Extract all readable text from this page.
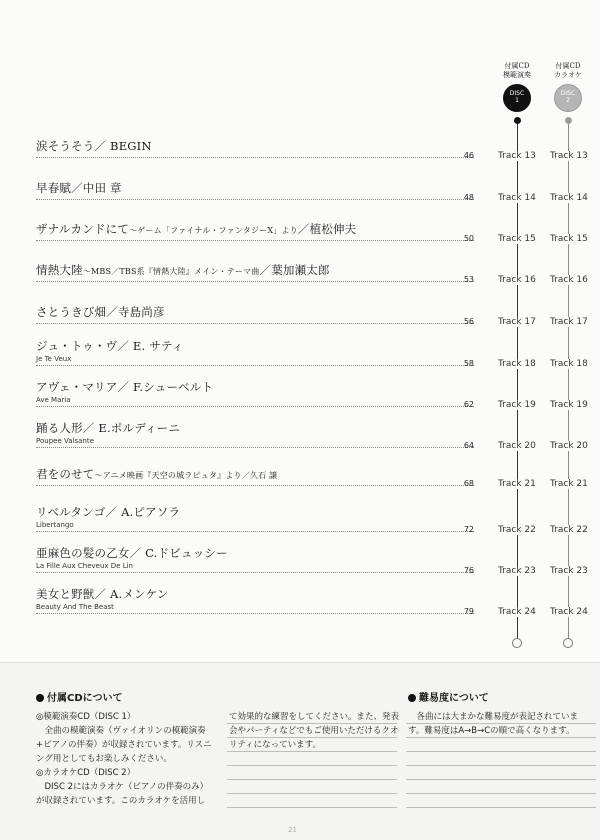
付属CD
模範演奏
付属CD
カラオケ
DISC
1
DISC
2
涙そうそう／ BEGIN
46	Track 13 Track 13
早春賦／中田 章
48	Track 14 Track 14
ザナルカンドにて～ゲーム「ファイナル・ファンタジーⅩ」より／植松伸夫
50	Track 15 Track 15
情熱大陸～MBS／TBS系『情熱大陸』メイン・テーマ曲／葉加瀬太郎
53	Track 16 Track 16
さとうきび畑／寺島尚彦
56	Track 17 Track 17
ジュ・トゥ・ヴ／ E. サティ
Je Te Veux	58	Track 18 Track 18
アヴェ・マリア／ F.シューベルト
Ave Maria	62	Track 19 Track 19
踊る人形／ E.ポルディーニ
Poupee Valsante	64	Track 20 Track 20
君をのせて～アニメ映画『天空の城ラピュタ』より／久石 譲
68	Track 21 Track 21
リベルタンゴ／ A.ピアソラ
Libertango	72	Track 22 Track 22
亜麻色の髪の乙女／ C.ドビュッシー
La Fille Aux Cheveux De Lin	76	Track 23 Track 23
美女と野獣／ A.メンケン
Beauty And The Beast	79	Track 24 Track 24
付属CDについて	難易度について
◎模範演奏CD（DISC 1）
　全曲の模範演奏（ヴァイオリンの模範演奏
+ピアノの伴奏）が収録されています。リスニ
ング用としてもお楽しみください。
◎カラオケCD（DISC 2）
　DISC 2にはカラオケ（ピアノの伴奏のみ）
が収録されています。このカラオケを活用し
て効果的な練習をしてください。また、発表
会やパーティなどでもご使用いただけるクオ
リティになっています。
　各曲には大まかな難易度が表記されていま
す。難易度はA→B→Cの順で高くなります。
21
